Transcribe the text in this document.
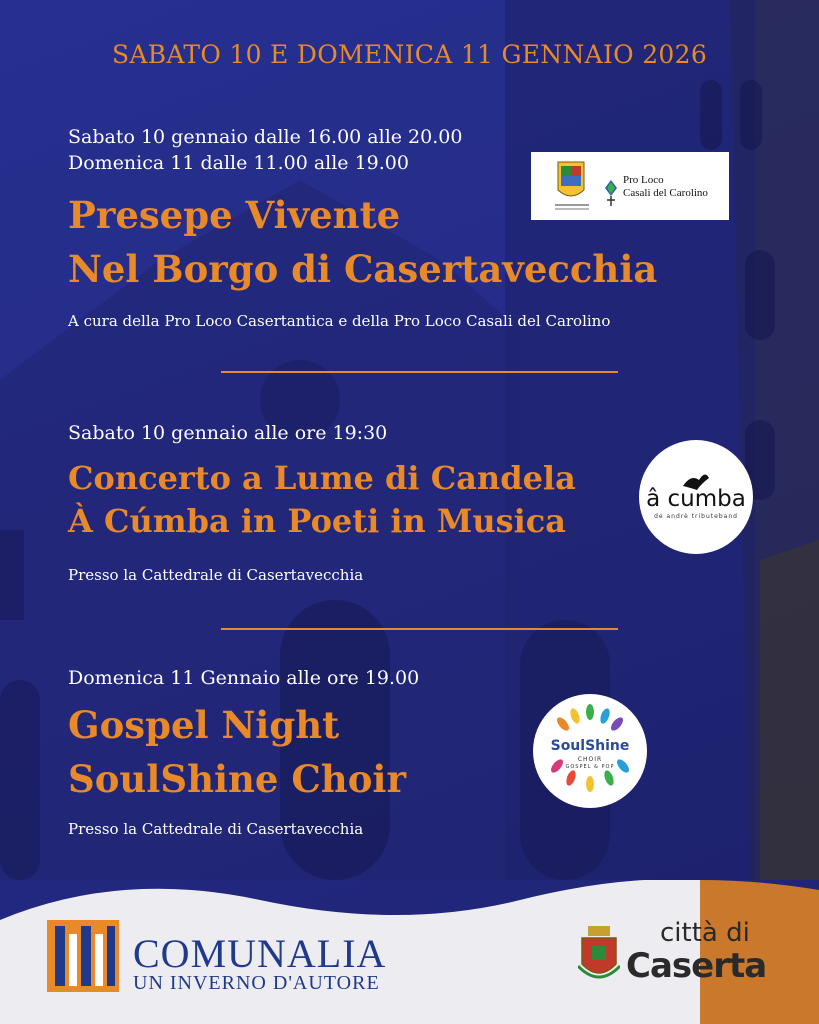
SABATO 10 E DOMENICA 11 GENNAIO 2026

Sabato 10 gennaio dalle 16.00 alle 20.00

Domenica 11 dalle 11.00 alle 19.00

Presepe Vivente
Nel Borgo di Casertavecchia

A cura della Pro Loco Casertantica e della Pro Loco Casali del Carolino

Pro Loco
Casali del Carolino

Sabato 10 gennaio alle ore 19:30

Concerto a Lume di Candela
À Cúmba in Poeti in Musica

Presso la Cattedrale di Casertavecchia

â cumba
de andrè tributeband

Domenica 11 Gennaio alle ore 19.00

Gospel Night
SoulShine Choir

Presso la Cattedrale di Casertavecchia

SoulShine
CHOIR
GOSPEL & POP

COMUNALIA

UN INVERNO D'AUTORE

città di

Caserta
